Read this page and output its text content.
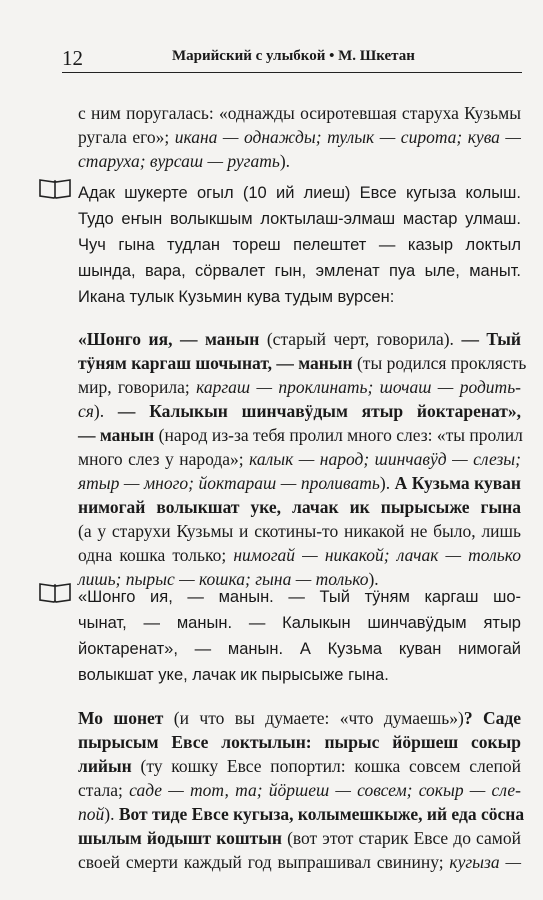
12	Марийский с улыбкой • М. Шкетан
с ним поругалась: «однажды осиротевшая старуха Кузьмы
ругала его»; икана — однажды; тулык — сирота; кува —
старуха; вурсаш — ругать).
Адак шукерте огыл (10 ий лиеш) Евсе кугыза колыш.
Тудо еҥын волыкшым локтылаш-элмаш мастар улмаш.
Чуч гына тудлан тореш пелештет — казыр локтыл
шында, вара, сӧрвалет гын, эмленат пуа ыле, маныт.
Икана тулык Кузьмин кува тудым вурсен:
«Шонго ия, — манын (старый черт, говорила). — Тый
тӱням каргаш шочынат, — манын (ты родился проклясть
мир, говорила; каргаш — проклинать; шочаш — родить-
ся). — Калыкын шинчавӱдым ятыр йоктаренат»,
— манын (народ из-за тебя пролил много слез: «ты пролил
много слез у народа»; калык — народ; шинчавӱд — слезы;
ятыр — много; йоктараш — проливать). А Кузьма куван
нимогай волыкшат уке, лачак ик пырысыже гына
(а у старухи Кузьмы и скотины-то никакой не было, лишь
одна кошка только; нимогай — никакой; лачак — только
лишь; пырыс — кошка; гына — только).
«Шонго ия, — манын. — Тый тӱням каргаш шо-
чынат, — манын. — Калыкын шинчавӱдым ятыр
йоктаренат», — манын. А Кузьма куван нимогай
волыкшат уке, лачак ик пырысыже гына.
Мо шонет (и что вы думаете: «что думаешь»)? Саде
пырысым Евсе локтылын: пырыс йӧршеш сокыр
лийын (ту кошку Евсе попортил: кошка совсем слепой
стала; саде — тот, та; йӧршеш — совсем; сокыр — сле-
пой). Вот тиде Евсе кугыза, колымешкыже, ий еда сӧсна
шылым йодышт коштын (вот этот старик Евсе до самой
своей смерти каждый год выпрашивал свинину; кугыза —
